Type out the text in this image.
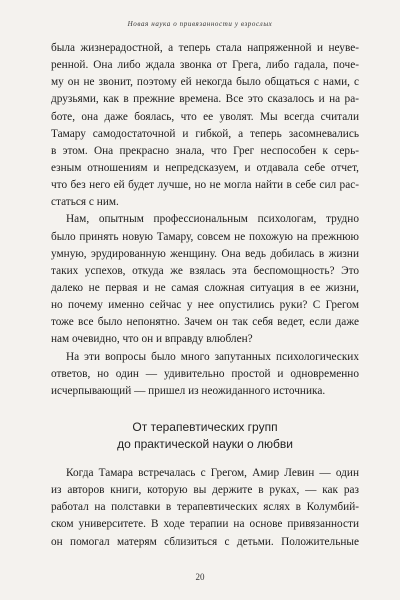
Новая наука о привязанности у взрослых
была жизнерадостной, а теперь стала напряженной и неуве-
ренной. Она либо ждала звонка от Грега, либо гадала, поче-
му он не звонит, поэтому ей некогда было общаться с нами, с
друзьями, как в прежние времена. Все это сказалось и на ра-
боте, она даже боялась, что ее уволят. Мы всегда считали
Тамару самодостаточной и гибкой, а теперь засомневались
в этом. Она прекрасно знала, что Грег неспособен к серь-
езным отношениям и непредсказуем, и отдавала себе отчет,
что без него ей будет лучше, но не могла найти в себе сил рас-
статься с ним.
Нам, опытным профессиональным психологам, трудно
было принять новую Тамару, совсем не похожую на прежнюю
умную, эрудированную женщину. Она ведь добилась в жизни
таких успехов, откуда же взялась эта беспомощность? Это
далеко не первая и не самая сложная ситуация в ее жизни,
но почему именно сейчас у нее опустились руки? С Грегом
тоже все было непонятно. Зачем он так себя ведет, если даже
нам очевидно, что он и вправду влюблен?
На эти вопросы было много запутанных психологических
ответов, но один — удивительно простой и одновременно
исчерпывающий — пришел из неожиданного источника.
От терапевтических групп
до практической науки о любви
Когда Тамара встречалась с Грегом, Амир Левин — один
из авторов книги, которую вы держите в руках, — как раз
работал на полставки в терапевтических яслях в Колумбий-
ском университете. В ходе терапии на основе привязанности
он помогал матерям сблизиться с детьми. Положительные
20
